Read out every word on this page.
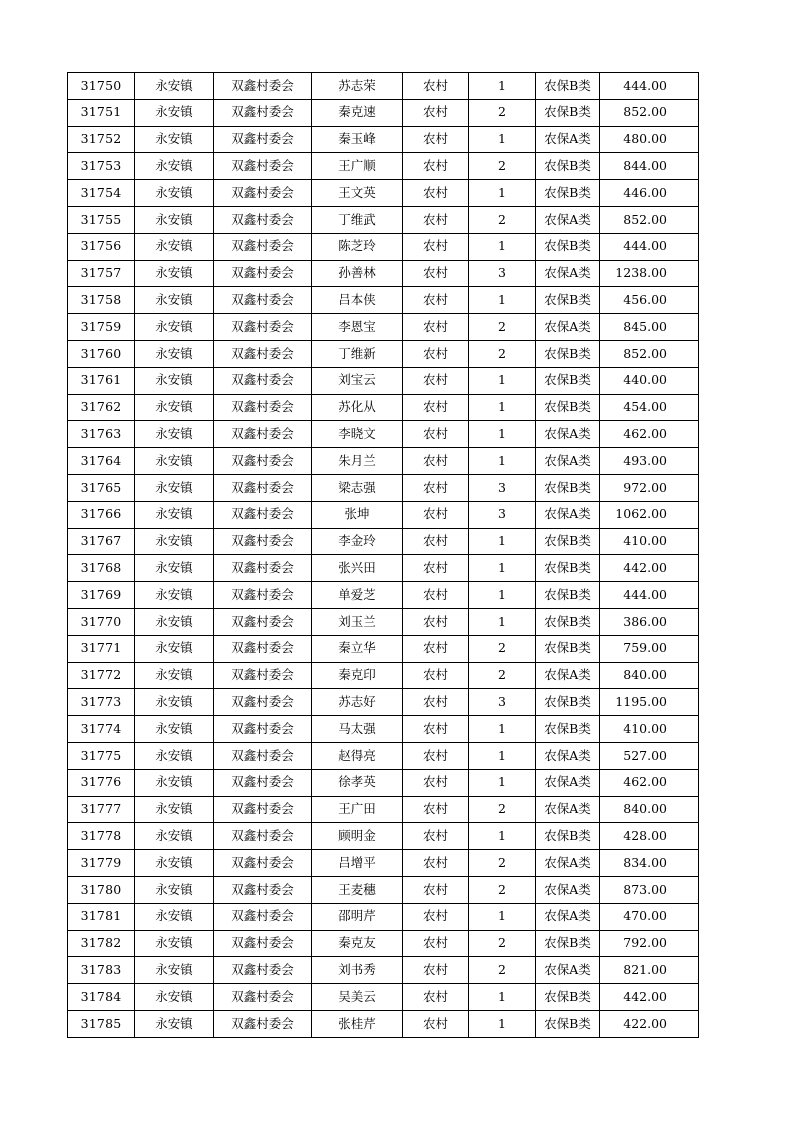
31750	永安镇	双鑫村委会	苏志荣	农村	1	农保B类	444.00
31751	永安镇	双鑫村委会	秦克速	农村	2	农保B类	852.00
31752	永安镇	双鑫村委会	秦玉峰	农村	1	农保A类	480.00
31753	永安镇	双鑫村委会	王广顺	农村	2	农保B类	844.00
31754	永安镇	双鑫村委会	王文英	农村	1	农保B类	446.00
31755	永安镇	双鑫村委会	丁维武	农村	2	农保A类	852.00
31756	永安镇	双鑫村委会	陈芝玲	农村	1	农保B类	444.00
31757	永安镇	双鑫村委会	孙善林	农村	3	农保A类	1238.00
31758	永安镇	双鑫村委会	吕本侠	农村	1	农保B类	456.00
31759	永安镇	双鑫村委会	李恩宝	农村	2	农保A类	845.00
31760	永安镇	双鑫村委会	丁维新	农村	2	农保B类	852.00
31761	永安镇	双鑫村委会	刘宝云	农村	1	农保B类	440.00
31762	永安镇	双鑫村委会	苏化从	农村	1	农保B类	454.00
31763	永安镇	双鑫村委会	李晓文	农村	1	农保A类	462.00
31764	永安镇	双鑫村委会	朱月兰	农村	1	农保A类	493.00
31765	永安镇	双鑫村委会	梁志强	农村	3	农保B类	972.00
31766	永安镇	双鑫村委会	张坤	农村	3	农保A类	1062.00
31767	永安镇	双鑫村委会	李金玲	农村	1	农保B类	410.00
31768	永安镇	双鑫村委会	张兴田	农村	1	农保B类	442.00
31769	永安镇	双鑫村委会	单爱芝	农村	1	农保B类	444.00
31770	永安镇	双鑫村委会	刘玉兰	农村	1	农保B类	386.00
31771	永安镇	双鑫村委会	秦立华	农村	2	农保B类	759.00
31772	永安镇	双鑫村委会	秦克印	农村	2	农保A类	840.00
31773	永安镇	双鑫村委会	苏志好	农村	3	农保B类	1195.00
31774	永安镇	双鑫村委会	马太强	农村	1	农保B类	410.00
31775	永安镇	双鑫村委会	赵得亮	农村	1	农保A类	527.00
31776	永安镇	双鑫村委会	徐孝英	农村	1	农保A类	462.00
31777	永安镇	双鑫村委会	王广田	农村	2	农保A类	840.00
31778	永安镇	双鑫村委会	顾明金	农村	1	农保B类	428.00
31779	永安镇	双鑫村委会	吕增平	农村	2	农保A类	834.00
31780	永安镇	双鑫村委会	王麦穗	农村	2	农保A类	873.00
31781	永安镇	双鑫村委会	邵明芹	农村	1	农保A类	470.00
31782	永安镇	双鑫村委会	秦克友	农村	2	农保B类	792.00
31783	永安镇	双鑫村委会	刘书秀	农村	2	农保A类	821.00
31784	永安镇	双鑫村委会	吴美云	农村	1	农保B类	442.00
31785	永安镇	双鑫村委会	张桂芹	农村	1	农保B类	422.00
